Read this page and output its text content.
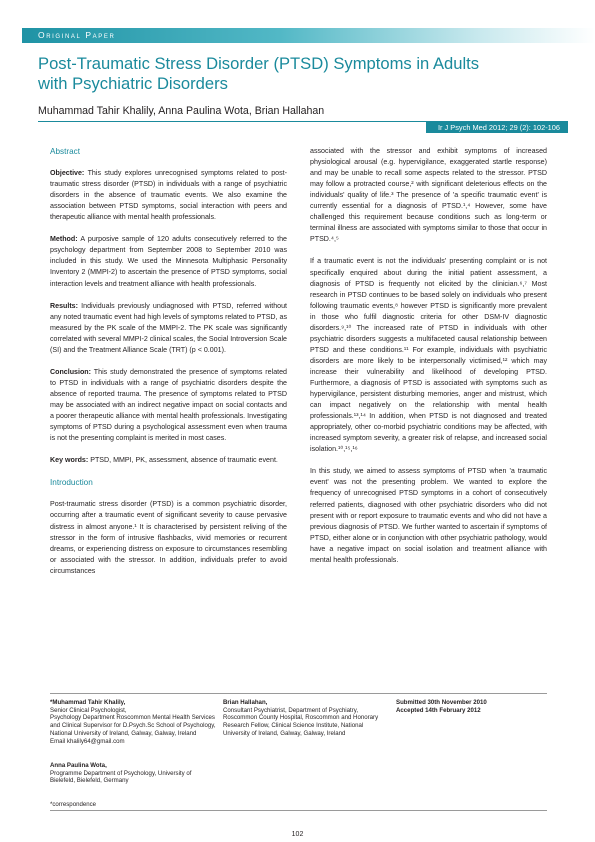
Original Paper
Post-Traumatic Stress Disorder (PTSD) Symptoms in Adults
with Psychiatric Disorders
Muhammad Tahir Khalily, Anna Paulina Wota, Brian Hallahan
Ir J Psych Med 2012; 29 (2): 102-106
Abstract

Objective: This study explores unrecognised symptoms related to post-traumatic stress disorder (PTSD) in individuals with a range of psychiatric disorders in the absence of traumatic events. We also examine the association between PTSD symptoms, social interaction with peers and therapeutic alliance with mental health professionals.

Method: A purposive sample of 120 adults consecutively referred to the psychology department from September 2008 to September 2010 was included in this study. We used the Minnesota Multiphasic Personality Inventory 2 (MMPI-2) to ascertain the presence of PTSD symptoms, social interaction levels and treatment alliance with health professionals.

Results: Individuals previously undiagnosed with PTSD, referred without any noted traumatic event had high levels of symptoms related to PTSD, as measured by the PK scale of the MMPI-2. The PK scale was significantly correlated with several MMPI-2 clinical scales, the Social Introversion Scale (SI) and the Treatment Alliance Scale (TRT) (p < 0.001).

Conclusion: This study demonstrated the presence of symptoms related to PTSD in individuals with a range of psychiatric disorders despite the absence of reported trauma. The presence of symptoms related to PTSD may be associated with an indirect negative impact on social contacts and a poorer therapeutic alliance with mental health professionals. Investigating symptoms of PTSD during a psychological assessment even when trauma is not the presenting complaint is merited in most cases.

Key words: PTSD, MMPI, PK, assessment, absence of traumatic event.

Introduction

Post-traumatic stress disorder (PTSD) is a common psychiatric disorder, occurring after a traumatic event of significant severity to cause pervasive distress in almost anyone.¹ It is characterised by persistent reliving of the stressor in the form of intrusive flashbacks, vivid memories or recurrent dreams, or experiencing distress on exposure to circumstances resembling or associated with the stressor. In addition, individuals prefer to avoid circumstances

associated with the stressor and exhibit symptoms of increased physiological arousal (e.g. hypervigilance, exaggerated startle response) and may be unable to recall some aspects related to the stressor. PTSD may follow a protracted course,² with significant deleterious effects on the individuals' quality of life.³ The presence of 'a specific traumatic event' is currently essential for a diagnosis of PTSD.¹,⁴ However, some have challenged this requirement because conditions such as long-term or terminal illness are associated with symptoms similar to those that occur in PTSD.⁴,⁵

If a traumatic event is not the individuals' presenting complaint or is not specifically enquired about during the initial patient assessment, a diagnosis of PTSD is frequently not elicited by the clinician.⁶,⁷ Most research in PTSD continues to be based solely on individuals who present following traumatic events,⁸ however PTSD is significantly more prevalent in those who fulfil diagnostic criteria for other DSM-IV diagnostic disorders.⁹,¹⁰ The increased rate of PTSD in individuals with other psychiatric disorders suggests a multifaceted causal relationship between PTSD and these conditions.¹¹ For example, individuals with psychiatric disorders are more likely to be interpersonally victimised,¹² which may increase their vulnerability and likelihood of developing PTSD. Furthermore, a diagnosis of PTSD is associated with symptoms such as hypervigilance, persistent disturbing memories, anger and mistrust, which can impact negatively on the relationship with mental health professionals.¹³,¹⁴ In addition, when PTSD is not diagnosed and treated appropriately, other co-morbid psychiatric conditions may be affected, with increased symptom severity, a greater risk of relapse, and increased social isolation.¹⁰,¹⁵,¹⁶

In this study, we aimed to assess symptoms of PTSD when 'a traumatic event' was not the presenting problem. We wanted to explore the frequency of unrecognised PTSD symptoms in a cohort of consecutively referred patients, diagnosed with other psychiatric disorders who did not present with or report exposure to traumatic events and who did not have a previous diagnosis of PTSD. We further wanted to ascertain if symptoms of PTSD, either alone or in conjunction with other psychiatric pathology, would have a negative impact on social isolation and treatment alliance with mental health professionals.

*Muhammad Tahir Khalily,
Senior Clinical Psychologist,
Psychology Department Roscommon Mental Health Services and Clinical Supervisor for D.Psych.Sc School of Psychology, National University of Ireland, Galway, Galway, Ireland
Email khalily64@gmail.com
Anna Paulina Wota,
Programme Department of Psychology, University of Bielefeld, Bielefeld, Germany
Brian Hallahan,
Consultant Psychiatrist, Department of Psychiatry, Roscommon County Hospital, Roscommon and Honorary Research Fellow, Clinical Science Institute, National University of Ireland, Galway, Galway, Ireland
Submitted 30th November 2010
Accepted 14th February 2012
*correspondence
102
